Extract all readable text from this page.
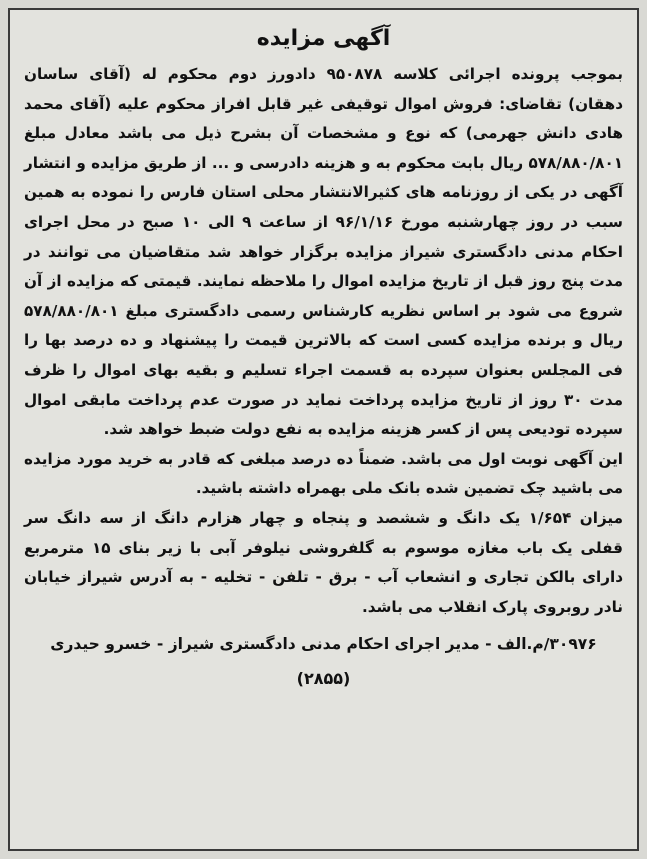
آگهی مزایده

بموجب پرونده اجرائی کلاسه ۹۵۰۸۷۸ دادورز دوم محکوم له (آقای ساسان دهقان) تقاضای: فروش اموال توقیفی غیر قابل افراز محکوم علیه (آقای محمد هادی دانش جهرمی) که نوع و مشخصات آن بشرح ذیل می باشد معادل مبلغ ۵۷۸/۸۸۰/۸۰۱ ریال بابت محکوم به و هزینه دادرسی و ... از طریق مزایده و انتشار آگهی در یکی از روزنامه های کثیرالانتشار محلی استان فارس را نموده به همین سبب در روز چهارشنبه مورخ ۹۶/۱/۱۶ از ساعت ۹ الی ۱۰ صبح در محل اجرای احکام مدنی دادگستری شیراز مزایده برگزار خواهد شد متقاضیان می توانند در مدت پنج روز قبل از تاریخ مزایده اموال را ملاحظه نمایند. قیمتی که مزایده از آن شروع می شود بر اساس نظریه کارشناس رسمی دادگستری مبلغ ۵۷۸/۸۸۰/۸۰۱ ریال و برنده مزایده کسی است که بالاترین قیمت را پیشنهاد و ده درصد بها را فی المجلس بعنوان سپرده به قسمت اجراء تسلیم و بقیه بهای اموال را ظرف مدت ۳۰ روز از تاریخ مزایده پرداخت نماید در صورت عدم پرداخت مابقی اموال سپرده تودیعی پس از کسر هزینه مزایده به نفع دولت ضبط خواهد شد.

این آگهی نوبت اول می باشد. ضمناً ده درصد مبلغی که قادر به خرید مورد مزایده می باشید چک تضمین شده بانک ملی بهمراه داشته باشید.

میزان ۱/۶۵۴ یک دانگ و ششصد و پنجاه و چهار هزارم دانگ از سه دانگ سر قفلی یک باب مغازه موسوم به گلفروشی نیلوفر آبی با زیر بنای ۱۵ مترمربع دارای بالکن تجاری و انشعاب آب - برق - تلفن - تخلیه - به آدرس شیراز خیابان نادر روبروی پارک انقلاب می باشد.

۳۰۹۷۶/م.الف - مدیر اجرای احکام مدنی دادگستری شیراز - خسرو حیدری
(۲۸۵۵)
